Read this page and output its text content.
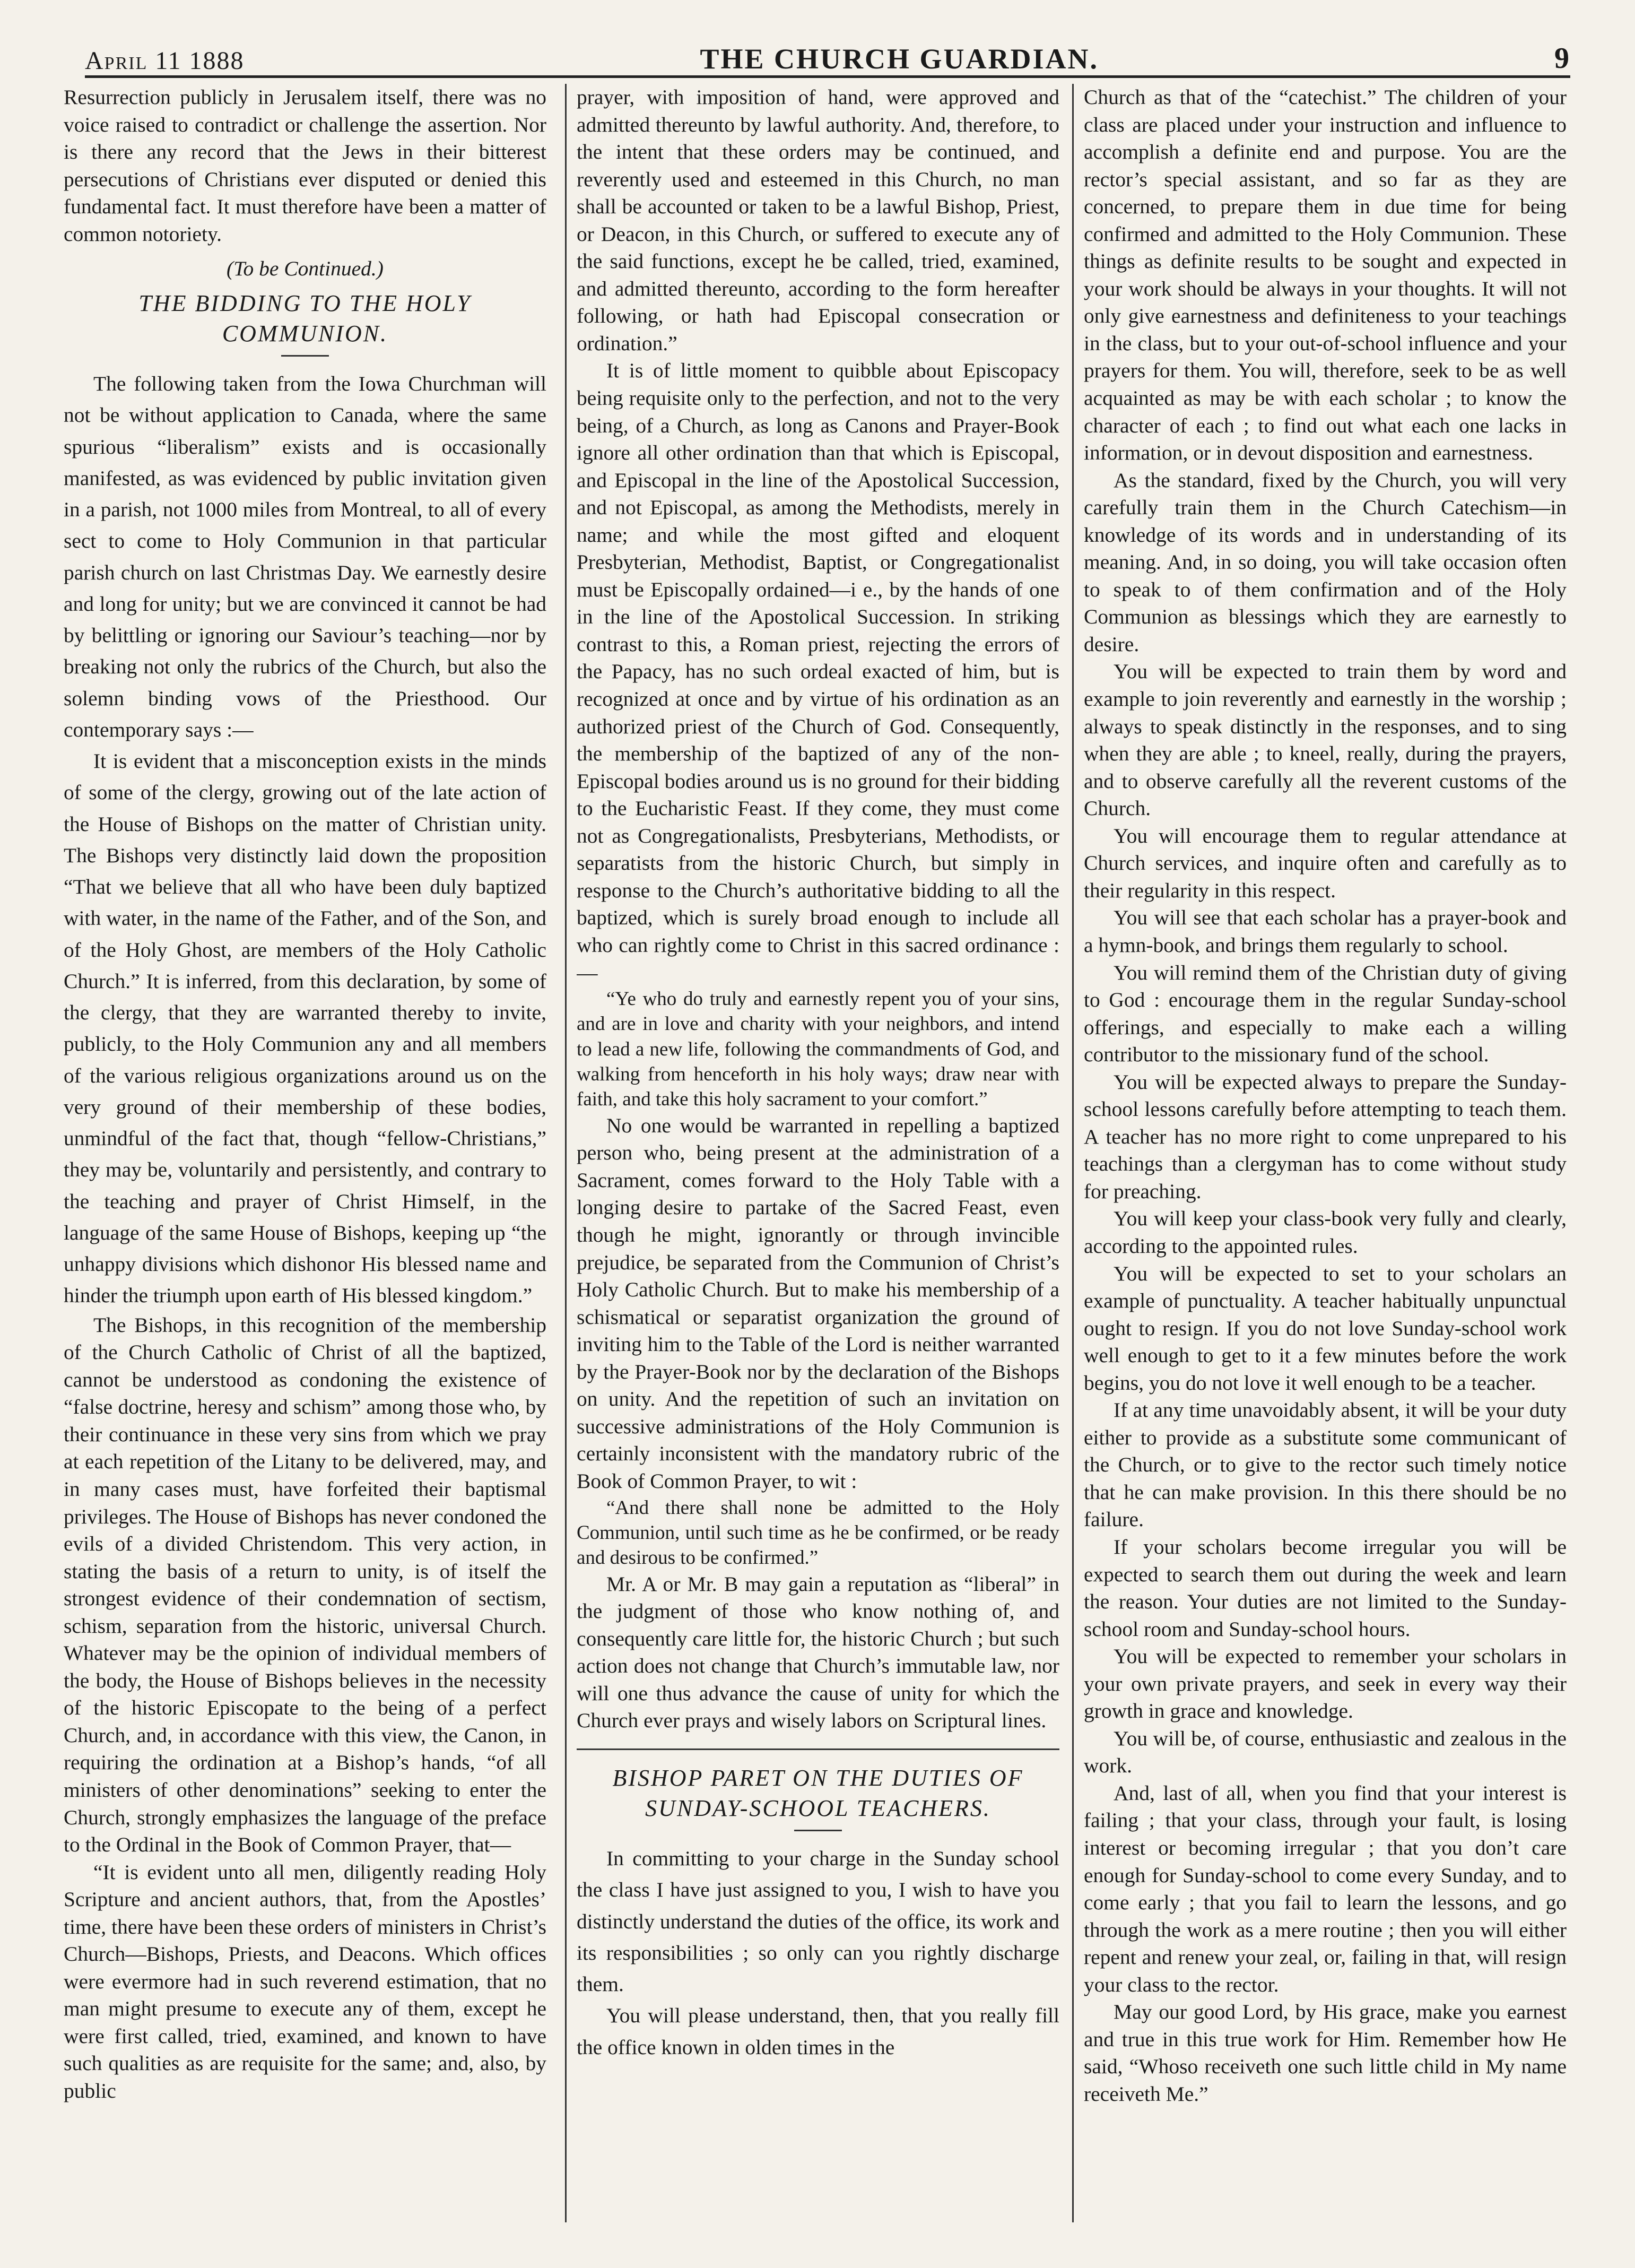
April 11 1888	THE CHURCH GUARDIAN.	9

Resurrection publicly in Jerusalem itself, there was no voice raised to contradict or challenge the assertion. Nor is there any record that the Jews in their bitterest persecutions of Christians ever disputed or denied this fundamental fact. It must therefore have been a matter of common notoriety.

(To be Continued.)

THE BIDDING TO THE HOLY COMMUNION.

The following taken from the Iowa Churchman will not be without application to Canada, where the same spurious “liberalism” exists and is occasionally manifested, as was evidenced by public invitation given in a parish, not 1000 miles from Montreal, to all of every sect to come to Holy Communion in that particular parish church on last Christmas Day. We earnestly desire and long for unity; but we are convinced it cannot be had by belittling or ignoring our Saviour’s teaching—nor by breaking not only the rubrics of the Church, but also the solemn binding vows of the Priesthood. Our contemporary says :—

It is evident that a misconception exists in the minds of some of the clergy, growing out of the late action of the House of Bishops on the matter of Christian unity. The Bishops very distinctly laid down the proposition “That we believe that all who have been duly baptized with water, in the name of the Father, and of the Son, and of the Holy Ghost, are members of the Holy Catholic Church.” It is inferred, from this declaration, by some of the clergy, that they are warranted thereby to invite, publicly, to the Holy Communion any and all members of the various religious organizations around us on the very ground of their membership of these bodies, unmindful of the fact that, though “fellow-Christians,” they may be, voluntarily and persistently, and contrary to the teaching and prayer of Christ Himself, in the language of the same House of Bishops, keeping up “the unhappy divisions which dishonor His blessed name and hinder the triumph upon earth of His blessed kingdom.”

The Bishops, in this recognition of the membership of the Church Catholic of Christ of all the baptized, cannot be understood as condoning the existence of “false doctrine, heresy and schism” among those who, by their continuance in these very sins from which we pray at each repetition of the Litany to be delivered, may, and in many cases must, have forfeited their baptismal privileges. The House of Bishops has never condoned the evils of a divided Christendom. This very action, in stating the basis of a return to unity, is of itself the strongest evidence of their condemnation of sectism, schism, separation from the historic, universal Church. Whatever may be the opinion of individual members of the body, the House of Bishops believes in the necessity of the historic Episcopate to the being of a perfect Church, and, in accordance with this view, the Canon, in requiring the ordination at a Bishop’s hands, “of all ministers of other denominations” seeking to enter the Church, strongly emphasizes the language of the preface to the Ordinal in the Book of Common Prayer, that—

“It is evident unto all men, diligently reading Holy Scripture and ancient authors, that, from the Apostles’ time, there have been these orders of ministers in Christ’s Church—Bishops, Priests, and Deacons. Which offices were evermore had in such reverend estimation, that no man might presume to execute any of them, except he were first called, tried, examined, and known to have such qualities as are requisite for the same; and, also, by public

prayer, with imposition of hand, were approved and admitted thereunto by lawful authority. And, therefore, to the intent that these orders may be continued, and reverently used and esteemed in this Church, no man shall be accounted or taken to be a lawful Bishop, Priest, or Deacon, in this Church, or suffered to execute any of the said functions, except he be called, tried, examined, and admitted thereunto, according to the form hereafter following, or hath had Episcopal consecration or ordination.”

It is of little moment to quibble about Episcopacy being requisite only to the perfection, and not to the very being, of a Church, as long as Canons and Prayer-Book ignore all other ordination than that which is Episcopal, and Episcopal in the line of the Apostolical Succession, and not Episcopal, as among the Methodists, merely in name; and while the most gifted and eloquent Presbyterian, Methodist, Baptist, or Congregationalist must be Episcopally ordained—i e., by the hands of one in the line of the Apostolical Succession. In striking contrast to this, a Roman priest, rejecting the errors of the Papacy, has no such ordeal exacted of him, but is recognized at once and by virtue of his ordination as an authorized priest of the Church of God. Consequently, the membership of the baptized of any of the non-Episcopal bodies around us is no ground for their bidding to the Eucharistic Feast. If they come, they must come not as Congregationalists, Presbyterians, Methodists, or separatists from the historic Church, but simply in response to the Church’s authoritative bidding to all the baptized, which is surely broad enough to include all who can rightly come to Christ in this sacred ordinance :—

“Ye who do truly and earnestly repent you of your sins, and are in love and charity with your neighbors, and intend to lead a new life, following the commandments of God, and walking from henceforth in his holy ways; draw near with faith, and take this holy sacrament to your comfort.”

No one would be warranted in repelling a baptized person who, being present at the administration of a Sacrament, comes forward to the Holy Table with a longing desire to partake of the Sacred Feast, even though he might, ignorantly or through invincible prejudice, be separated from the Communion of Christ’s Holy Catholic Church. But to make his membership of a schismatical or separatist organization the ground of inviting him to the Table of the Lord is neither warranted by the Prayer-Book nor by the declaration of the Bishops on unity. And the repetition of such an invitation on successive administrations of the Holy Communion is certainly inconsistent with the mandatory rubric of the Book of Common Prayer, to wit :

“And there shall none be admitted to the Holy Communion, until such time as he be confirmed, or be ready and desirous to be confirmed.”

Mr. A or Mr. B may gain a reputation as “liberal” in the judgment of those who know nothing of, and consequently care little for, the historic Church ; but such action does not change that Church’s immutable law, nor will one thus advance the cause of unity for which the Church ever prays and wisely labors on Scriptural lines.

BISHOP PARET ON THE DUTIES OF SUNDAY-SCHOOL TEACHERS.

In committing to your charge in the Sunday school the class I have just assigned to you, I wish to have you distinctly understand the duties of the office, its work and its responsibilities ; so only can you rightly discharge them.

You will please understand, then, that you really fill the office known in olden times in the

Church as that of the “catechist.” The children of your class are placed under your instruction and influence to accomplish a definite end and purpose. You are the rector’s special assistant, and so far as they are concerned, to prepare them in due time for being confirmed and admitted to the Holy Communion. These things as definite results to be sought and expected in your work should be always in your thoughts. It will not only give earnestness and definiteness to your teachings in the class, but to your out-of-school influence and your prayers for them. You will, therefore, seek to be as well acquainted as may be with each scholar ; to know the character of each ; to find out what each one lacks in information, or in devout disposition and earnestness.

As the standard, fixed by the Church, you will very carefully train them in the Church Catechism—in knowledge of its words and in understanding of its meaning. And, in so doing, you will take occasion often to speak to of them confirmation and of the Holy Communion as blessings which they are earnestly to desire.

You will be expected to train them by word and example to join reverently and earnestly in the worship ; always to speak distinctly in the responses, and to sing when they are able ; to kneel, really, during the prayers, and to observe carefully all the reverent customs of the Church.

You will encourage them to regular attendance at Church services, and inquire often and carefully as to their regularity in this respect.

You will see that each scholar has a prayer-book and a hymn-book, and brings them regularly to school.

You will remind them of the Christian duty of giving to God : encourage them in the regular Sunday-school offerings, and especially to make each a willing contributor to the missionary fund of the school.

You will be expected always to prepare the Sunday-school lessons carefully before attempting to teach them. A teacher has no more right to come unprepared to his teachings than a clergyman has to come without study for preaching.

You will keep your class-book very fully and clearly, according to the appointed rules.

You will be expected to set to your scholars an example of punctuality. A teacher habitually unpunctual ought to resign. If you do not love Sunday-school work well enough to get to it a few minutes before the work begins, you do not love it well enough to be a teacher.

If at any time unavoidably absent, it will be your duty either to provide as a substitute some communicant of the Church, or to give to the rector such timely notice that he can make provision. In this there should be no failure.

If your scholars become irregular you will be expected to search them out during the week and learn the reason. Your duties are not limited to the Sunday-school room and Sunday-school hours.

You will be expected to remember your scholars in your own private prayers, and seek in every way their growth in grace and knowledge.

You will be, of course, enthusiastic and zealous in the work.

And, last of all, when you find that your interest is failing ; that your class, through your fault, is losing interest or becoming irregular ; that you don’t care enough for Sunday-school to come every Sunday, and to come early ; that you fail to learn the lessons, and go through the work as a mere routine ; then you will either repent and renew your zeal, or, failing in that, will resign your class to the rector.

May our good Lord, by His grace, make you earnest and true in this true work for Him. Remember how He said, “Whoso receiveth one such little child in My name receiveth Me.”
